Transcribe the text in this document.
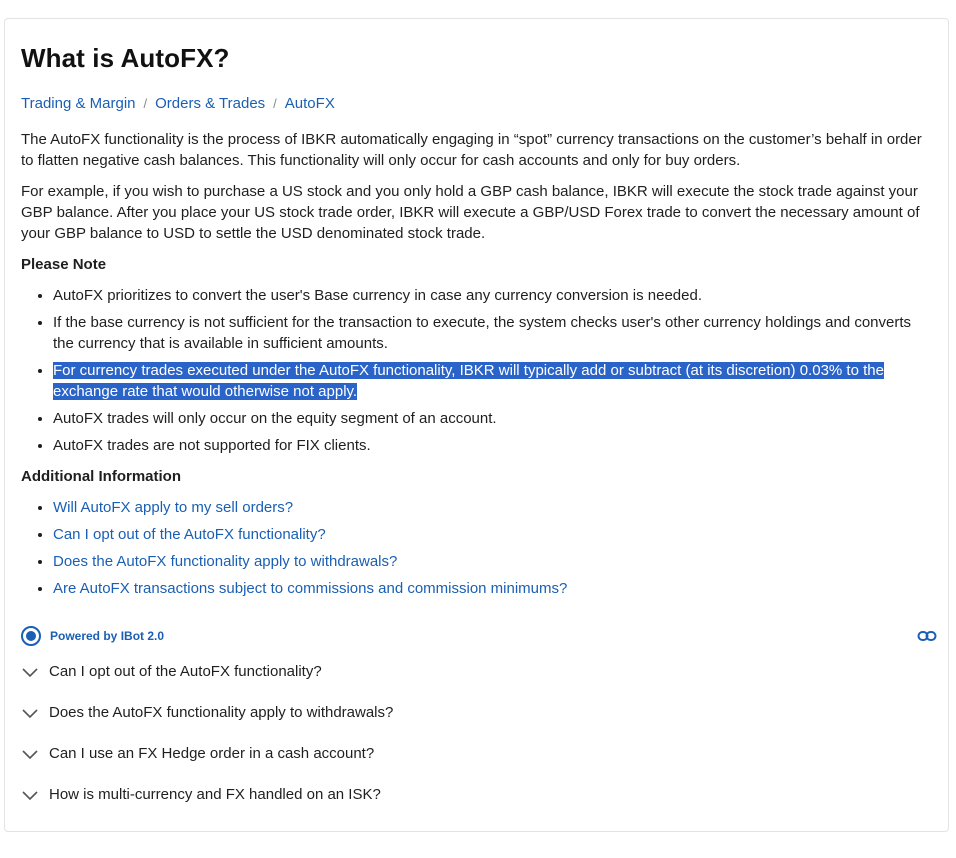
What is AutoFX?
Trading & Margin / Orders & Trades / AutoFX

The AutoFX functionality is the process of IBKR automatically engaging in “spot” currency transactions on the customer’s behalf in order to flatten negative cash balances. This functionality will only occur for cash accounts and only for buy orders.

For example, if you wish to purchase a US stock and you only hold a GBP cash balance, IBKR will execute the stock trade against your GBP balance. After you place your US stock trade order, IBKR will execute a GBP/USD Forex trade to convert the necessary amount of your GBP balance to USD to settle the USD denominated stock trade.

Please Note
• AutoFX prioritizes to convert the user's Base currency in case any currency conversion is needed.
• If the base currency is not sufficient for the transaction to execute, the system checks user's other currency holdings and converts the currency that is available in sufficient amounts.
• For currency trades executed under the AutoFX functionality, IBKR will typically add or subtract (at its discretion) 0.03% to the exchange rate that would otherwise not apply.
• AutoFX trades will only occur on the equity segment of an account.
• AutoFX trades are not supported for FIX clients.
Additional Information
• Will AutoFX apply to my sell orders?
• Can I opt out of the AutoFX functionality?
• Does the AutoFX functionality apply to withdrawals?
• Are AutoFX transactions subject to commissions and commission minimums?
Powered by IBot 2.0
Can I opt out of the AutoFX functionality?
Does the AutoFX functionality apply to withdrawals?
Can I use an FX Hedge order in a cash account?
How is multi-currency and FX handled on an ISK?
